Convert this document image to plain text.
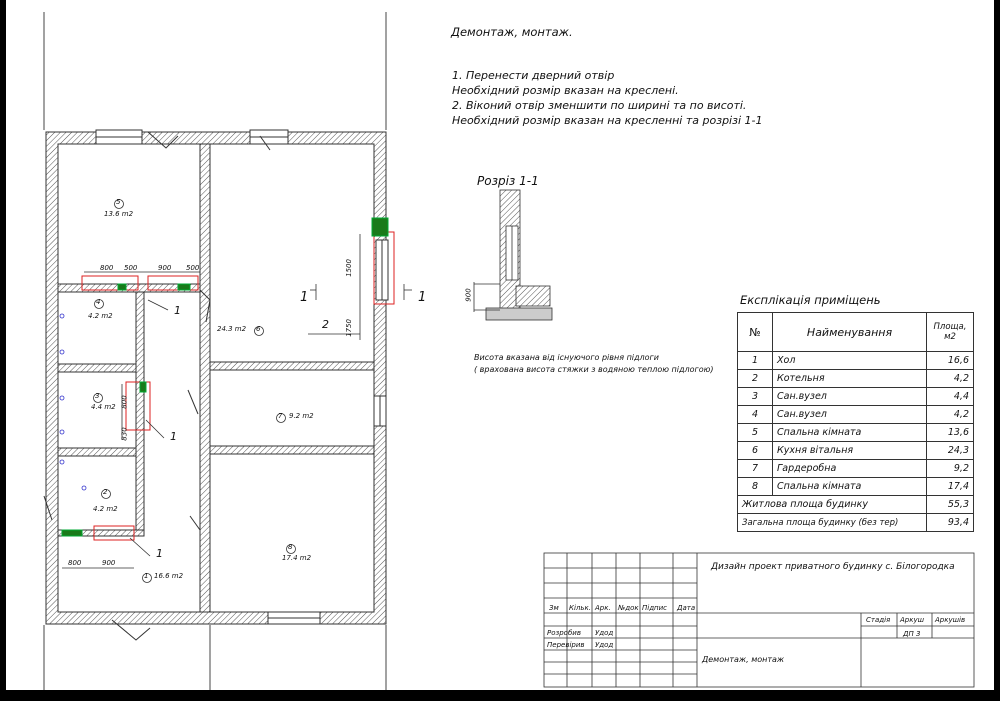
Демонтаж, монтаж.
1. Перенести дверний отвір
Необхідний розмір вказан на кресленi.
2. Віконий отвір зменшити по ширині та по висоті.
Необхідний розмір вказан на кресленні та розрізі 1-1
Розріз 1-1
900
Висота вказана від існуючого рівня підлоги
( врахована висота стяжки з водяною теплою підлогою)
5
13.6 m2
4
4.2 m2
3
4.4 m2
2
4.2 m2
1 16.6 m2
6
24.3 m2
7 9.2 m2
8
17.4 m2
800 500	900 500
800
830
800	900
1500
1750
1
1
1
2
1	1	Експлікація приміщень
№	Найменування	Площа, м2
1	Хол	16,6
2	Котельня	4,2
3	Сан.вузел	4,4
4	Сан.вузел	4,2
5	Спальна кімната	13,6
6	Кухня вітальня	24,3
7	Гардеробна	9,2
8	Спальна кімната	17,4
Житлова площа будинку		55,3
Загальна площа будинку (без тер)		93,4
Дизайн проект приватного будинку с. Білогородка
Зм Кільк. Арк. №док Підпис Дата
Розробив Удод
Перевірив Удод
Стадія Аркуш Аркушів
ДП 3
Демонтаж, монтаж
